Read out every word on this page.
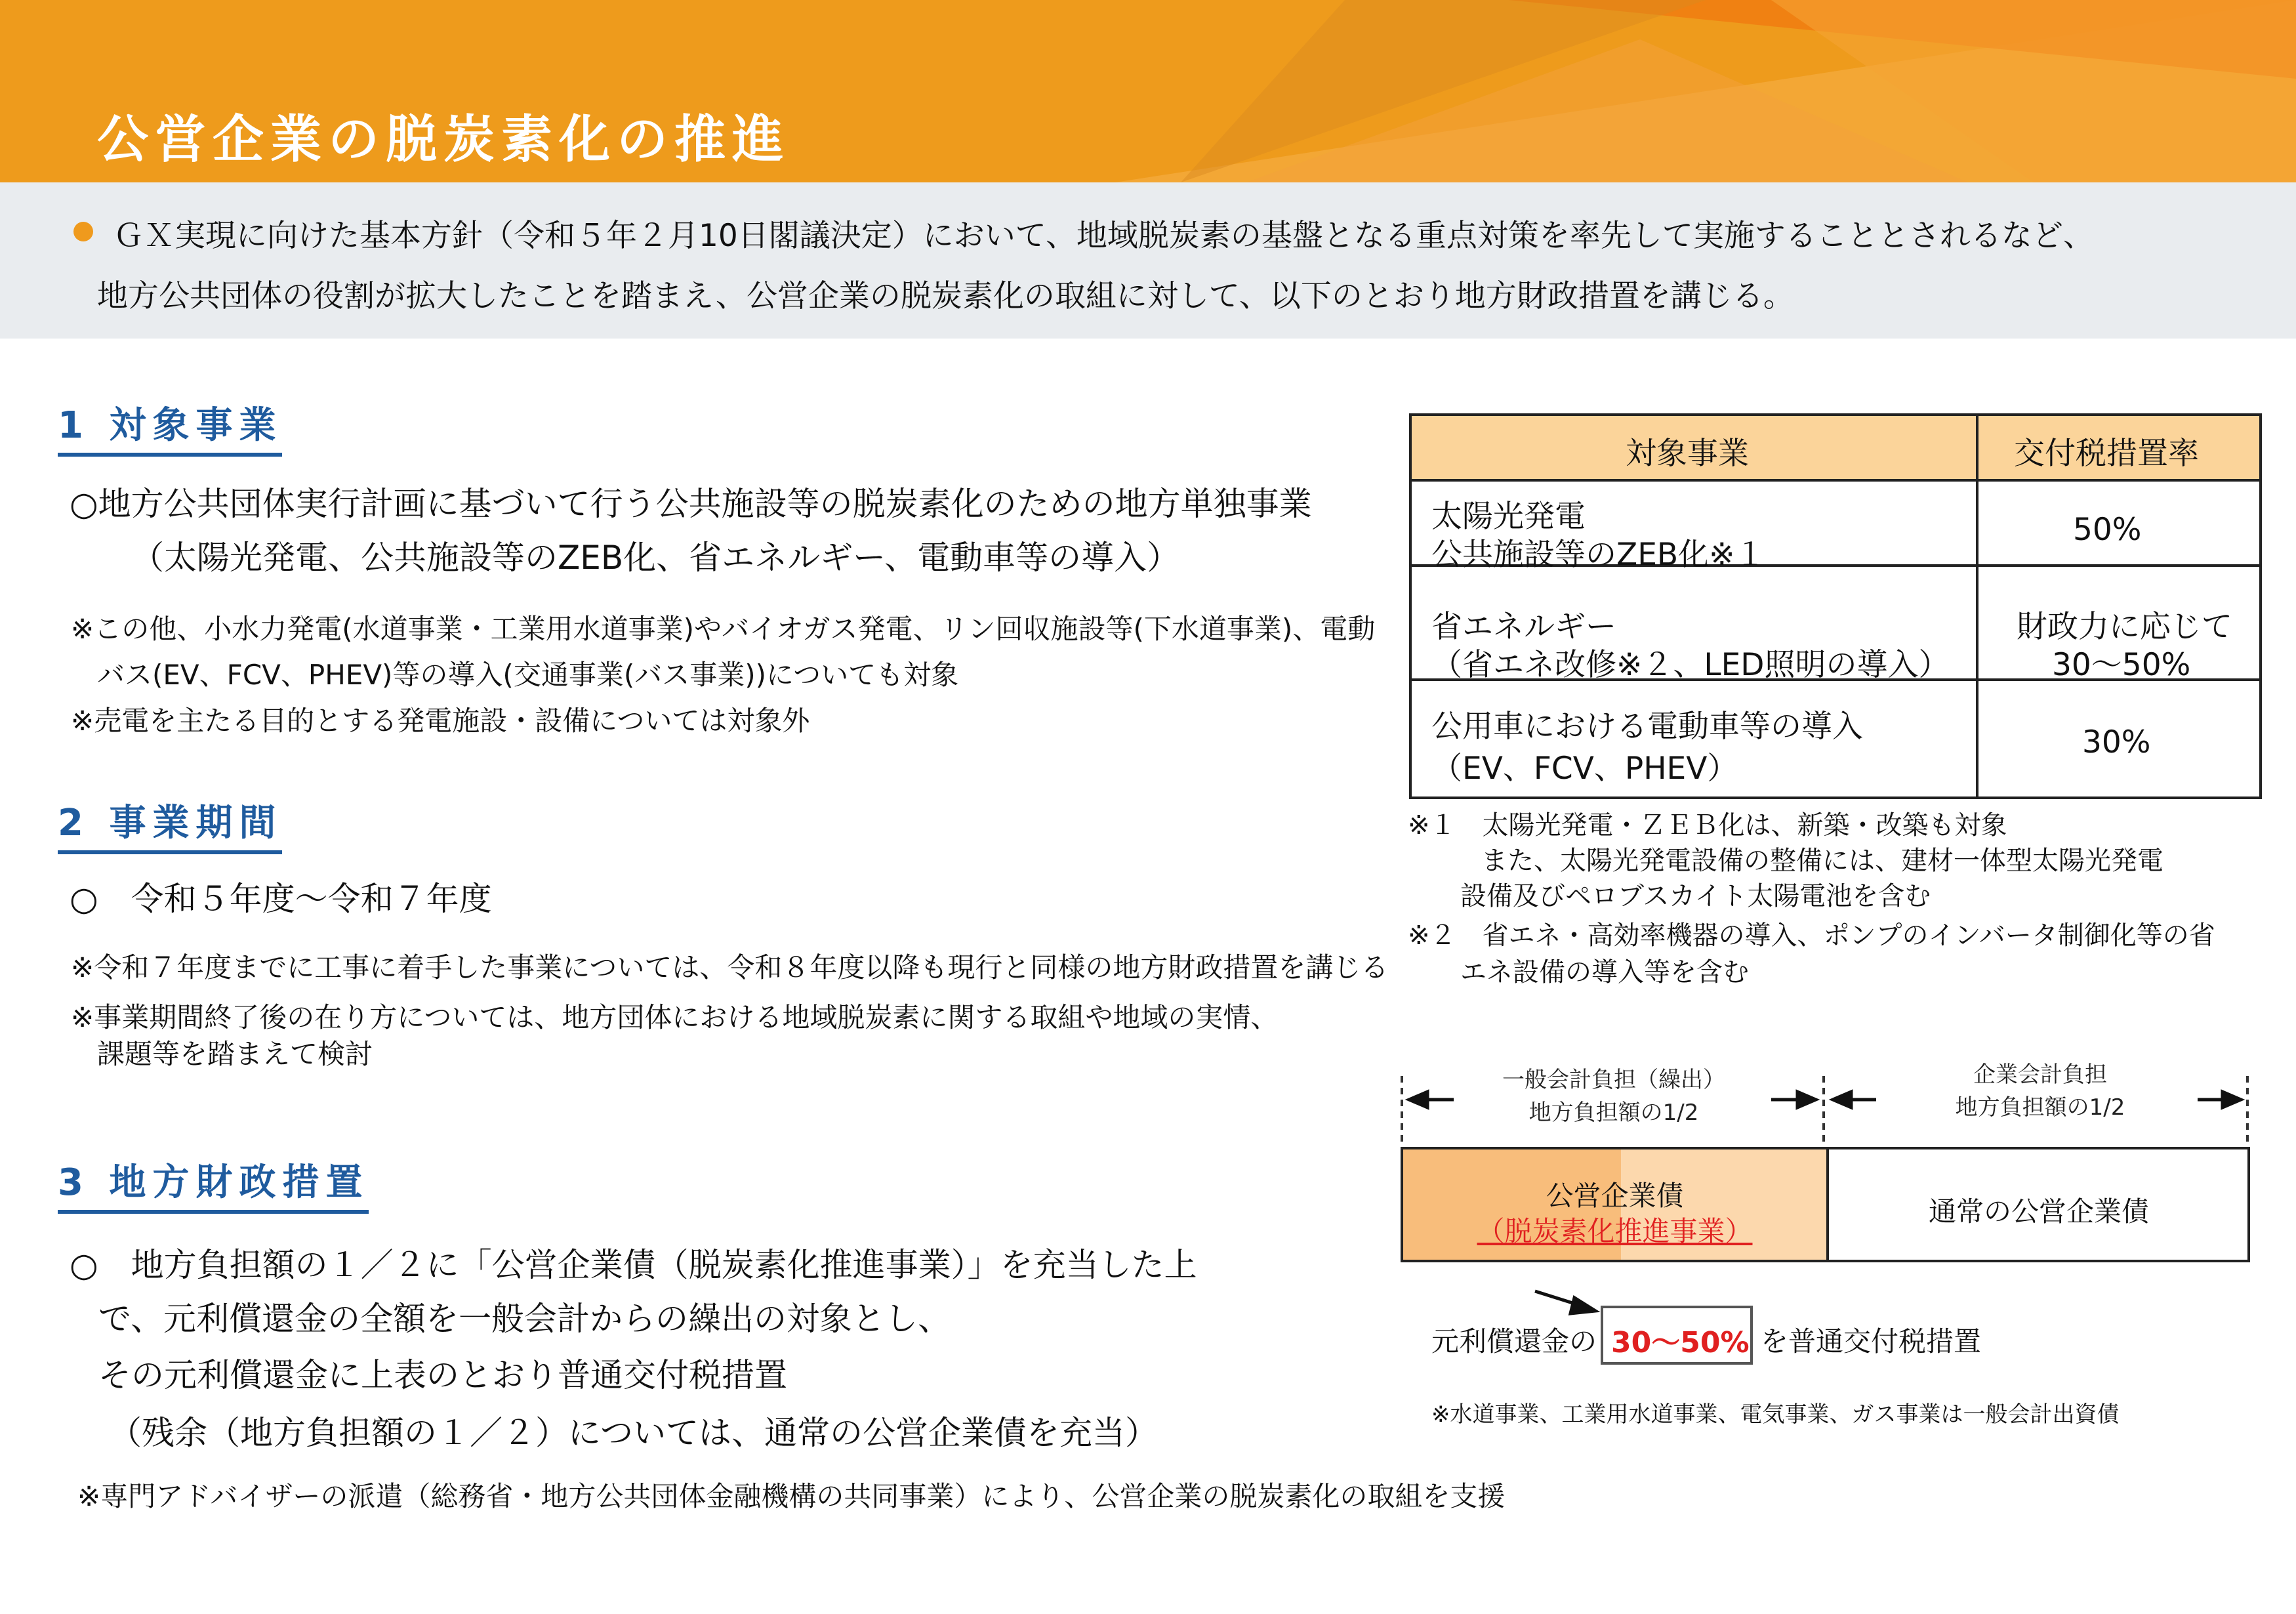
公営企業の脱炭素化の推進
ＧＸ実現に向けた基本方針（令和５年２月10日閣議決定）において、地域脱炭素の基盤となる重点対策を率先して実施することとされるなど、
地方公共団体の役割が拡大したことを踏まえ、公営企業の脱炭素化の取組に対して、以下のとおり地方財政措置を講じる。
1 対象事業
○地方公共団体実行計画に基づいて行う公共施設等の脱炭素化のための地方単独事業
（太陽光発電、公共施設等のZEB化、省エネルギー、電動車等の導入）
※この他、小水力発電(水道事業・工業用水道事業)やバイオガス発電、リン回収施設等(下水道事業)、電動
バス(EV、FCV、PHEV)等の導入(交通事業(バス事業))についても対象
※売電を主たる目的とする発電施設・設備については対象外
2 事業期間
○　令和５年度～令和７年度
※令和７年度までに工事に着手した事業については、令和８年度以降も現行と同様の地方財政措置を講じる
※事業期間終了後の在り方については、地方団体における地域脱炭素に関する取組や地域の実情、
課題等を踏まえて検討
3 地方財政措置
○　地方負担額の１／２に「公営企業債（脱炭素化推進事業）」を充当した上
で、元利償還金の全額を一般会計からの繰出の対象とし、
その元利償還金に上表のとおり普通交付税措置
（残余（地方負担額の１／２）については、通常の公営企業債を充当）
※専門アドバイザーの派遣（総務省・地方公共団体金融機構の共同事業）により、公営企業の脱炭素化の取組を支援
対象事業	交付税措置率
太陽光発電
公共施設等のZEB化※１
50%
省エネルギー
（省エネ改修※２、LED照明の導入）
財政力に応じて
30～50%
公用車における電動車等の導入
（EV、FCV、PHEV）
30%
※１　太陽光発電・ＺＥＢ化は、新築・改築も対象
また、太陽光発電設備の整備には、建材一体型太陽光発電
設備及びペロブスカイト太陽電池を含む
※２　省エネ・高効率機器の導入、ポンプのインバータ制御化等の省
エネ設備の導入等を含む
一般会計負担（繰出）
地方負担額の1/2
企業会計負担
地方負担額の1/2
公営企業債
（脱炭素化推進事業）
通常の公営企業債
元利償還金の 30～50% を普通交付税措置
※水道事業、工業用水道事業、電気事業、ガス事業は一般会計出資債
